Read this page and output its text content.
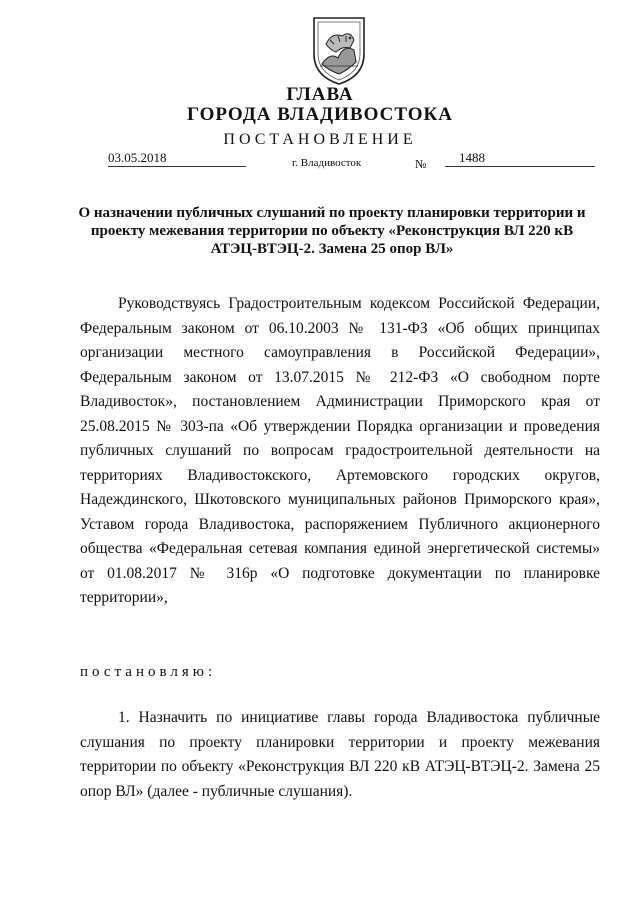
ГЛАВА
ГОРОДА ВЛАДИВОСТОКА
ПОСТАНОВЛЕНИЕ
03.05.2018	г. Владивосток	№	1488
О назначении публичных слушаний по проекту планировки территории и проекту межевания территории по объекту «Реконструкция ВЛ 220 кВ АТЭЦ-ВТЭЦ-2. Замена 25 опор ВЛ»
Руководствуясь Градостроительным кодексом Российской Федерации, Федеральным законом от 06.10.2003 № 131-ФЗ «Об общих принципах организации местного самоуправления в Российской Федерации», Федеральным законом от 13.07.2015 № 212-ФЗ «О свободном порте Владивосток», постановлением Администрации Приморского края от 25.08.2015 № 303-па «Об утверждении Порядка организации и проведения публичных слушаний по вопросам градостроительной деятельности на территориях Владивостокского, Артемовского городских округов, Надеждинского, Шкотовского муниципальных районов Приморского края», Уставом города Владивостока, распоряжением Публичного акционерного общества «Федеральная сетевая компания единой энергетической системы» от 01.08.2017 № 316р «О подготовке документации по планировке территории»,
постановляю:
1. Назначить по инициативе главы города Владивостока публичные слушания по проекту планировки территории и проекту межевания территории по объекту «Реконструкция ВЛ 220 кВ АТЭЦ-ВТЭЦ-2. Замена 25 опор ВЛ» (далее - публичные слушания).
